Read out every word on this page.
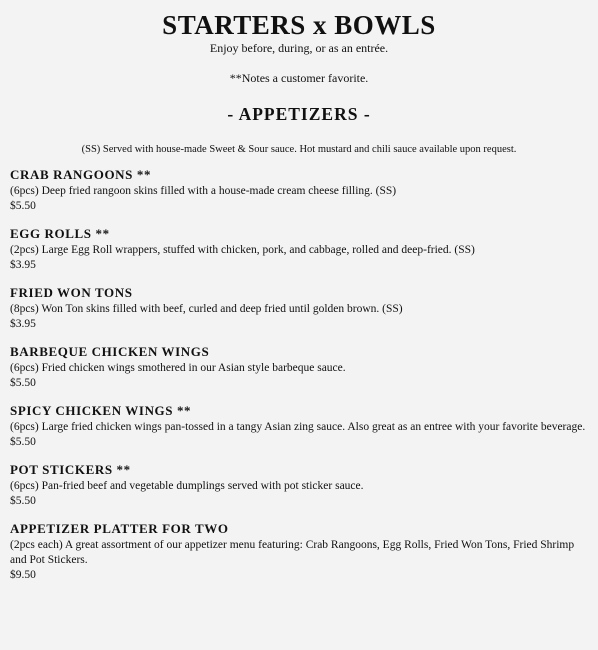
STARTERS x BOWLS

Enjoy before, during, or as an entrée.

**Notes a customer favorite.

- APPETIZERS -

(SS) Served with house-made Sweet & Sour sauce. Hot mustard and chili sauce available upon request.

CRAB RANGOONS **
(6pcs) Deep fried rangoon skins filled with a house-made cream cheese filling. (SS)
$5.50
EGG ROLLS **
(2pcs) Large Egg Roll wrappers, stuffed with chicken, pork, and cabbage, rolled and deep-fried. (SS)
$3.95
FRIED WON TONS
(8pcs) Won Ton skins filled with beef, curled and deep fried until golden brown. (SS)
$3.95
BARBEQUE CHICKEN WINGS
(6pcs) Fried chicken wings smothered in our Asian style barbeque sauce.
$5.50
SPICY CHICKEN WINGS **
(6pcs) Large fried chicken wings pan-tossed in a tangy Asian zing sauce. Also great as an entree with your favorite beverage.
$5.50
POT STICKERS **
(6pcs) Pan-fried beef and vegetable dumplings served with pot sticker sauce.
$5.50
APPETIZER PLATTER FOR TWO
(2pcs each) A great assortment of our appetizer menu featuring: Crab Rangoons, Egg Rolls, Fried Won Tons, Fried Shrimp and Pot Stickers.
$9.50
